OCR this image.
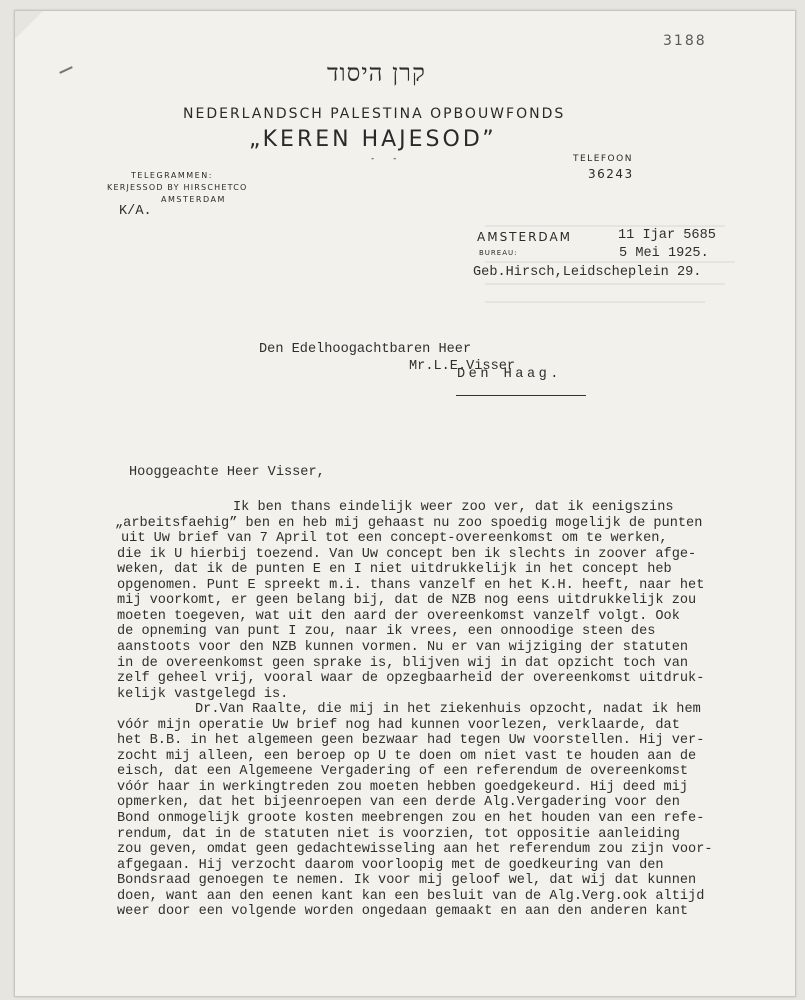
3188
קרן היסוד
NEDERLANDSCH PALESTINA OPBOUWFONDS
„KEREN HAJESOD”
- -
TELEGRAMMEN:
KERJESSOD BY HIRSCHETCO
AMSTERDAM
TELEFOON
36243
K/A.
AMSTERDAM
BUREAU:
11 Ijar 5685
5 Mei 1925.
Geb.Hirsch,Leidscheplein 29.
Den Edelhoogachtbaren Heer
Mr.L.E.Visser
Den Haag.
Hooggeachte Heer Visser,
Ik ben thans eindelijk weer zoo ver, dat ik eenigszins
„arbeitsfaehig” ben en heb mij gehaast nu zoo spoedig mogelijk de punten
uit Uw brief van 7 April tot een concept-overeenkomst om te werken,
die ik U hierbij toezend. Van Uw concept ben ik slechts in zoover afge-
weken, dat ik de punten E en I niet uitdrukkelijk in het concept heb
opgenomen. Punt E spreekt m.i. thans vanzelf en het K.H. heeft, naar het
mij voorkomt, er geen belang bij, dat de NZB nog eens uitdrukkelijk zou
moeten toegeven, wat uit den aard der overeenkomst vanzelf volgt. Ook
de opneming van punt I zou, naar ik vrees, een onnoodige steen des
aanstoots voor den NZB kunnen vormen. Nu er van wijziging der statuten
in de overeenkomst geen sprake is, blijven wij in dat opzicht toch van
zelf geheel vrij, vooral waar de opzegbaarheid der overeenkomst uitdruk-
kelijk vastgelegd is.
Dr.Van Raalte, die mij in het ziekenhuis opzocht, nadat ik hem
vóór mijn operatie Uw brief nog had kunnen voorlezen, verklaarde, dat
het B.B. in het algemeen geen bezwaar had tegen Uw voorstellen. Hij ver-
zocht mij alleen, een beroep op U te doen om niet vast te houden aan de
eisch, dat een Algemeene Vergadering of een referendum de overeenkomst
vóór haar in werkingtreden zou moeten hebben goedgekeurd. Hij deed mij
opmerken, dat het bijeenroepen van een derde Alg.Vergadering voor den
Bond onmogelijk groote kosten meebrengen zou en het houden van een refe-
rendum, dat in de statuten niet is voorzien, tot oppositie aanleiding
zou geven, omdat geen gedachtewisseling aan het referendum zou zijn voor-
afgegaan. Hij verzocht daarom voorloopig met de goedkeuring van den
Bondsraad genoegen te nemen. Ik voor mij geloof wel, dat wij dat kunnen
doen, want aan den eenen kant kan een besluit van de Alg.Verg.ook altijd
weer door een volgende worden ongedaan gemaakt en aan den anderen kant
